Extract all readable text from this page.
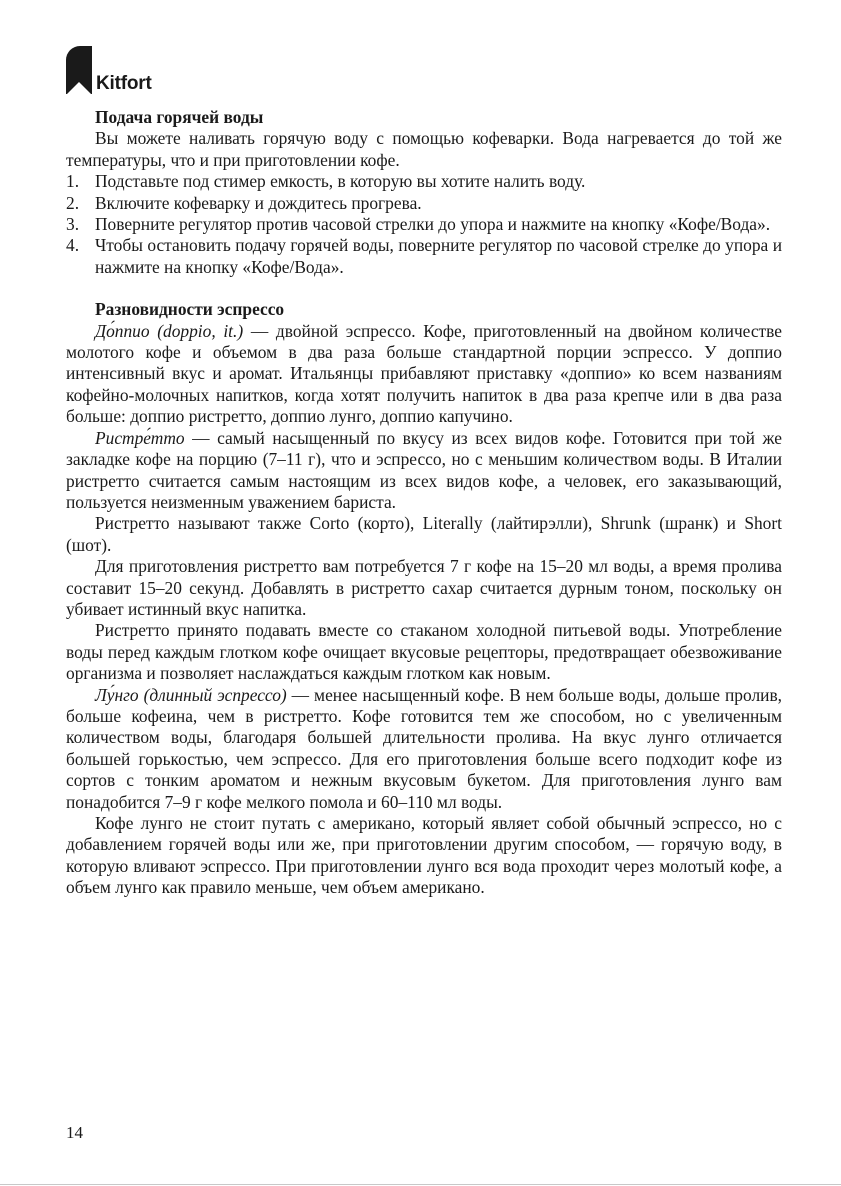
Kitfort

Подача горячей воды

Вы можете наливать горячую воду с помощью кофеварки. Вода нагревается до той же температуры, что и при приготовлении кофе.

1. Подставьте под стимер емкость, в которую вы хотите налить воду.
2. Включите кофеварку и дождитесь прогрева.
3. Поверните регулятор против часовой стрелки до упора и нажмите на кнопку «Кофе/Вода».
4. Чтобы остановить подачу горячей воды, поверните регулятор по часовой стрелке до упора и нажмите на кнопку «Кофе/Вода».

Разновидности эспрессо

До́ппио (doppio, it.) — двойной эспрессо. Кофе, приготовленный на двойном количестве молотого кофе и объемом в два раза больше стандартной порции эспрессо. У доппио интенсивный вкус и аромат. Итальянцы прибавляют приставку «доппио» ко всем названиям кофейно-молочных напитков, когда хотят получить напиток в два раза крепче или в два раза больше: доппио ристретто, доппио лунго, доппио капучино.

Ристре́тто — самый насыщенный по вкусу из всех видов кофе. Готовится при той же закладке кофе на порцию (7–11 г), что и эспрессо, но с меньшим количеством воды. В Италии ристретто считается самым настоящим из всех видов кофе, а человек, его заказывающий, пользуется неизменным уважением бариста.

Ристретто называют также Corto (корто), Literally (лайтирэлли), Shrunk (шранк) и Short (шот).

Для приготовления ристретто вам потребуется 7 г кофе на 15–20 мл воды, а время пролива составит 15–20 секунд. Добавлять в ристретто сахар считается дурным тоном, поскольку он убивает истинный вкус напитка.

Ристретто принято подавать вместе со стаканом холодной питьевой воды. Употребление воды перед каждым глотком кофе очищает вкусовые рецепторы, предотвращает обезвоживание организма и позволяет наслаждаться каждым глотком как новым.

Лу́нго (длинный эспрессо) — менее насыщенный кофе. В нем больше воды, дольше пролив, больше кофеина, чем в ристретто. Кофе готовится тем же способом, но с увеличенным количеством воды, благодаря большей длительности пролива. На вкус лунго отличается большей горькостью, чем эспрессо. Для его приготовления больше всего подходит кофе из сортов с тонким ароматом и нежным вкусовым букетом. Для приготовления лунго вам понадобится 7–9 г кофе мелкого помола и 60–110 мл воды.

Кофе лунго не стоит путать с американо, который являет собой обычный эспрессо, но с добавлением горячей воды или же, при приготовлении другим способом, — горячую воду, в которую вливают эспрессо. При приготовлении лунго вся вода проходит через молотый кофе, а объем лунго как правило меньше, чем объем американо.

14
